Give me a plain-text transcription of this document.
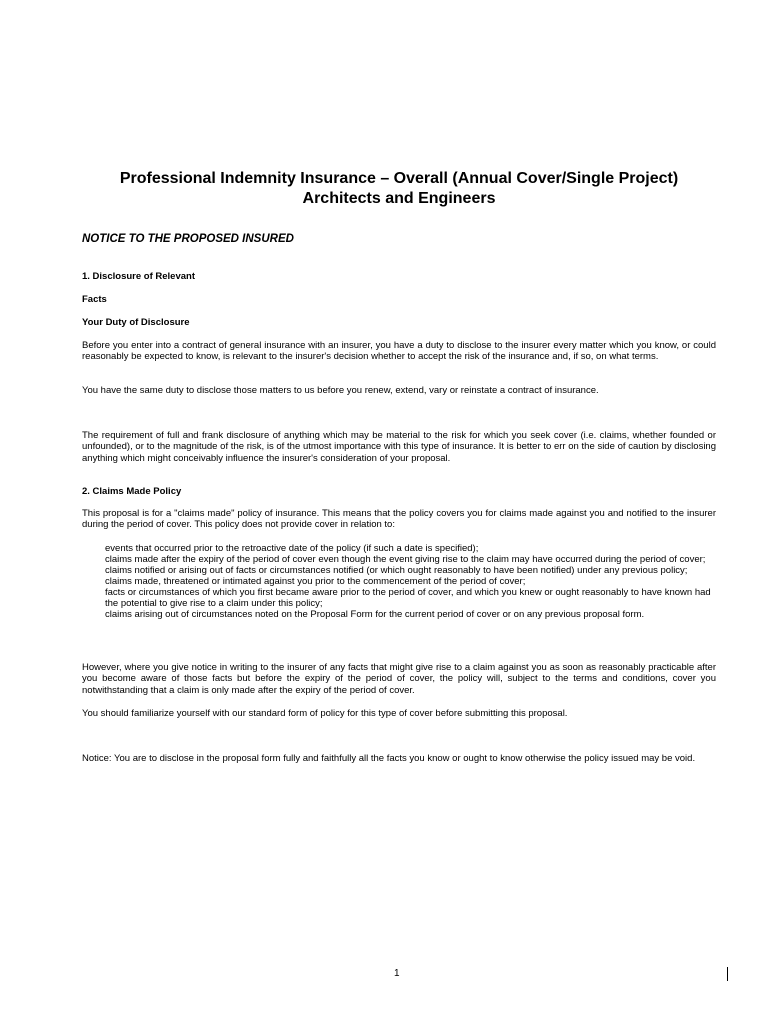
Professional Indemnity Insurance – Overall (Annual Cover/Single Project)
Architects and Engineers

NOTICE TO THE PROPOSED INSURED

1. Disclosure of Relevant

Facts

Your Duty of Disclosure

Before you enter into a contract of general insurance with an insurer, you have a duty to disclose to the insurer every matter which you know, or could reasonably be expected to know, is relevant to the insurer's decision whether to accept the risk of the insurance and, if so, on what terms.

You have the same duty to disclose those matters to us before you renew, extend, vary or reinstate a contract of insurance.

The requirement of full and frank disclosure of anything which may be material to the risk for which you seek cover (i.e. claims, whether founded or unfounded), or to the magnitude of the risk, is of the utmost importance with this type of insurance. It is better to err on the side of caution by disclosing anything which might conceivably influence the insurer's consideration of your proposal.

2. Claims Made Policy

This proposal is for a "claims made" policy of insurance. This means that the policy covers you for claims made against you and notified to the insurer during the period of cover. This policy does not provide cover in relation to:

events that occurred prior to the retroactive date of the policy (if such a date is specified);
claims made after the expiry of the period of cover even though the event giving rise to the claim may have occurred during the period of cover;
claims notified or arising out of facts or circumstances notified (or which ought reasonably to have been notified) under any previous policy;
claims made, threatened or intimated against you prior to the commencement of the period of cover;
facts or circumstances of which you first became aware prior to the period of cover, and which you knew or ought reasonably to have known had
the potential to give rise to a claim under this policy;
claims arising out of circumstances noted on the Proposal Form for the current period of cover or on any previous proposal form.

However, where you give notice in writing to the insurer of any facts that might give rise to a claim against you as soon as reasonably practicable after you become aware of those facts but before the expiry of the period of cover, the policy will, subject to the terms and conditions, cover you notwithstanding that a claim is only made after the expiry of the period of cover.

You should familiarize yourself with our standard form of policy for this type of cover before submitting this proposal.

Notice: You are to disclose in the proposal form fully and faithfully all the facts you know or ought to know otherwise the policy issued may be void.

1
